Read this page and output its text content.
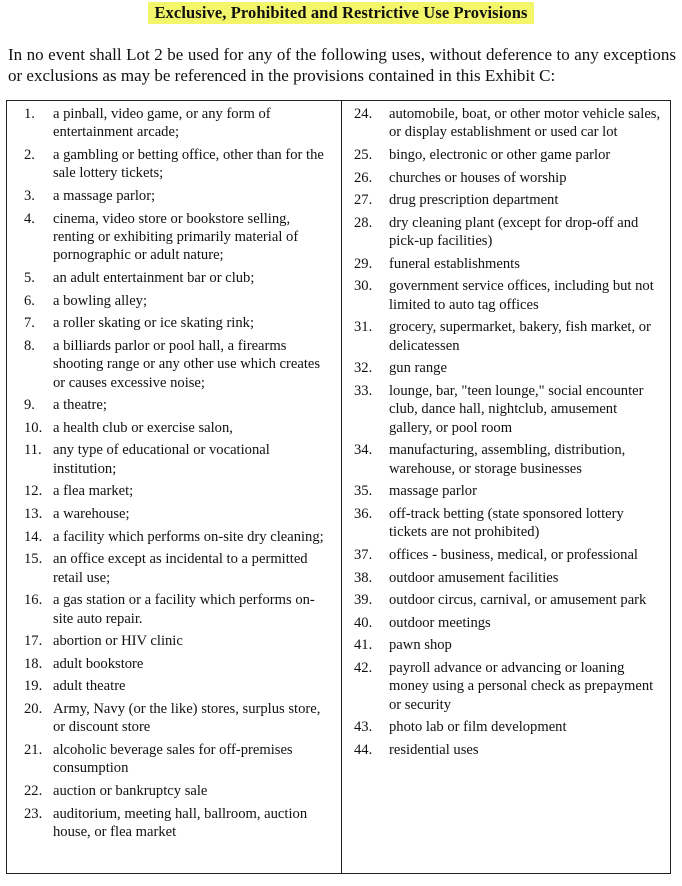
Exclusive, Prohibited and Restrictive Use Provisions
In no event shall Lot 2 be used for any of the following uses, without deference to any exceptions or exclusions as may be referenced in the provisions contained in this Exhibit C:
1.	a pinball, video game, or any form of entertainment arcade;
2.	a gambling or betting office, other than for the sale lottery tickets;
3.	a massage parlor;
4.	cinema, video store or bookstore selling, renting or exhibiting primarily material of pornographic or adult nature;
5.	an adult entertainment bar or club;
6.	a bowling alley;
7.	a roller skating or ice skating rink;
8.	a billiards parlor or pool hall, a firearms shooting range or any other use which creates or causes excessive noise;
9.	a theatre;
10. a health club or exercise salon,
11. any type of educational or vocational institution;
12. a flea market;
13. a warehouse;
14. a facility which performs on-site dry cleaning;
15. an office except as incidental to a permitted retail use;
16. a gas station or a facility which performs on-site auto repair.
17. abortion or HIV clinic
18. adult bookstore
19. adult theatre
20. Army, Navy (or the like) stores, surplus store, or discount store
21. alcoholic beverage sales for off-premises consumption
22. auction or bankruptcy sale
23. auditorium, meeting hall, ballroom, auction house, or flea market
24.	automobile, boat, or other motor vehicle sales, or display establishment or used car lot
25.	bingo, electronic or other game parlor
26.	churches or houses of worship
27.	drug prescription department
28.	dry cleaning plant (except for drop-off and pick-up facilities)
29.	funeral establishments
30.	government service offices, including but not limited to auto tag offices
31.	grocery, supermarket, bakery, fish market, or delicatessen
32.	gun range
33.	lounge, bar, "teen lounge," social encounter club, dance hall, nightclub, amusement gallery, or pool room
34.	manufacturing, assembling, distribution, warehouse, or storage businesses
35.	massage parlor
36.	off-track betting (state sponsored lottery tickets are not prohibited)
37.	offices - business, medical, or professional
38.	outdoor amusement facilities
39.	outdoor circus, carnival, or amusement park
40.	outdoor meetings
41.	pawn shop
42.	payroll advance or advancing or loaning money using a personal check as prepayment or security
43.	photo lab or film development
44.	residential uses
